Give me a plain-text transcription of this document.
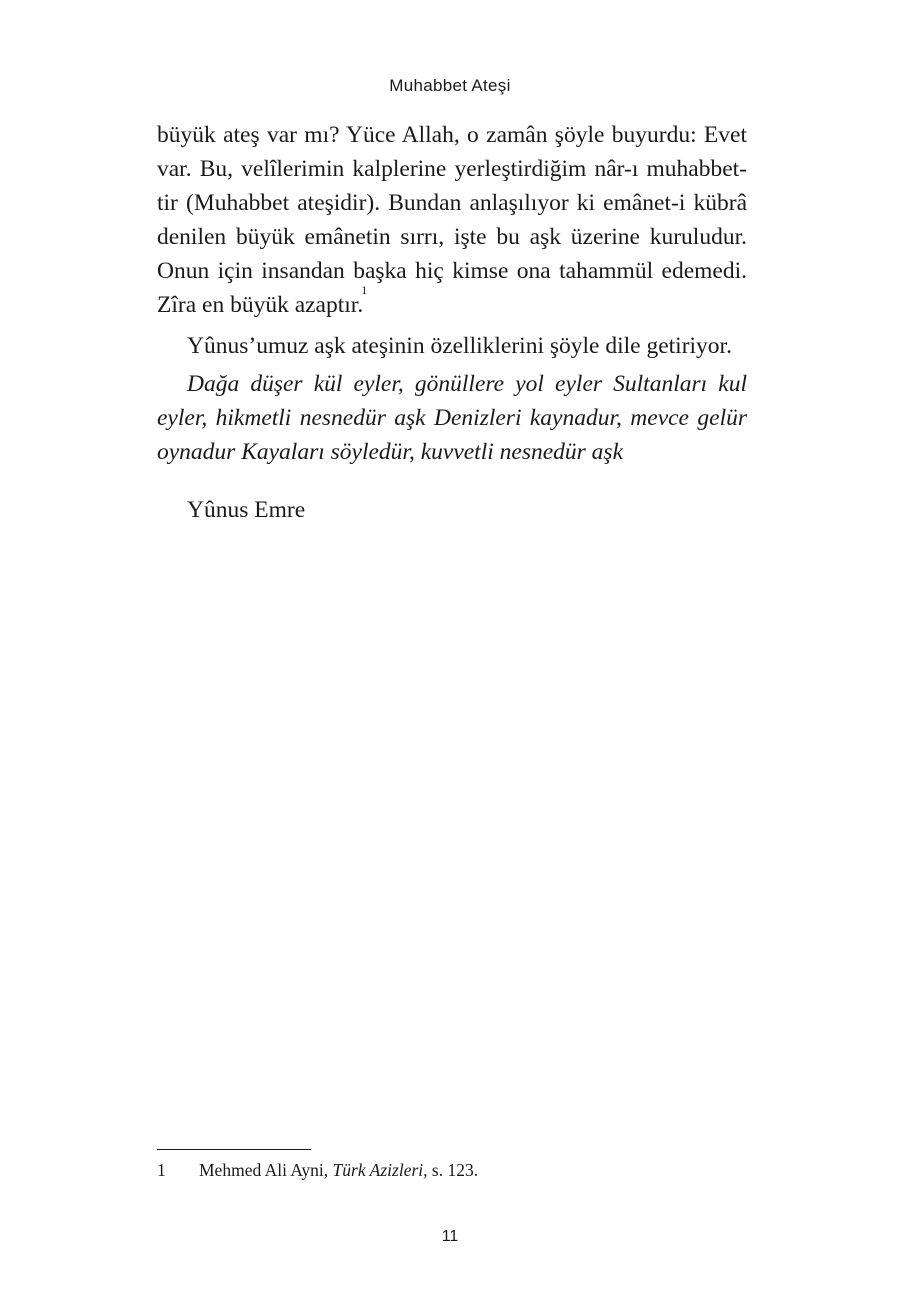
Muhabbet Ateşi

büyük ateş var mı? Yüce Allah, o zamân şöyle buyurdu: Evet var. Bu, velîlerimin kalplerine yerleştirdiğim nâr-ı muhabbet-tir (Muhabbet ateşidir). Bundan anlaşılıyor ki emânet-i kübrâ denilen büyük emânetin sırrı, işte bu aşk üzerine kuruludur. Onun için insandan başka hiç kimse ona tahammül edemedi. Zîra en büyük azaptır.$^1$

Yûnus’umuz aşk ateşinin özelliklerini şöyle dile getiriyor.

Dağa düşer kül eyler, gönüllere yol eyler Sultanları kul eyler, hikmetli nesnedür aşk Denizleri kaynadur, mevce gelür oynadur Kayaları söyledür, kuvvetli nesnedür aşk

Yûnus Emre

1 Mehmed Ali Ayni, Türk Azizleri, s. 123.
11
